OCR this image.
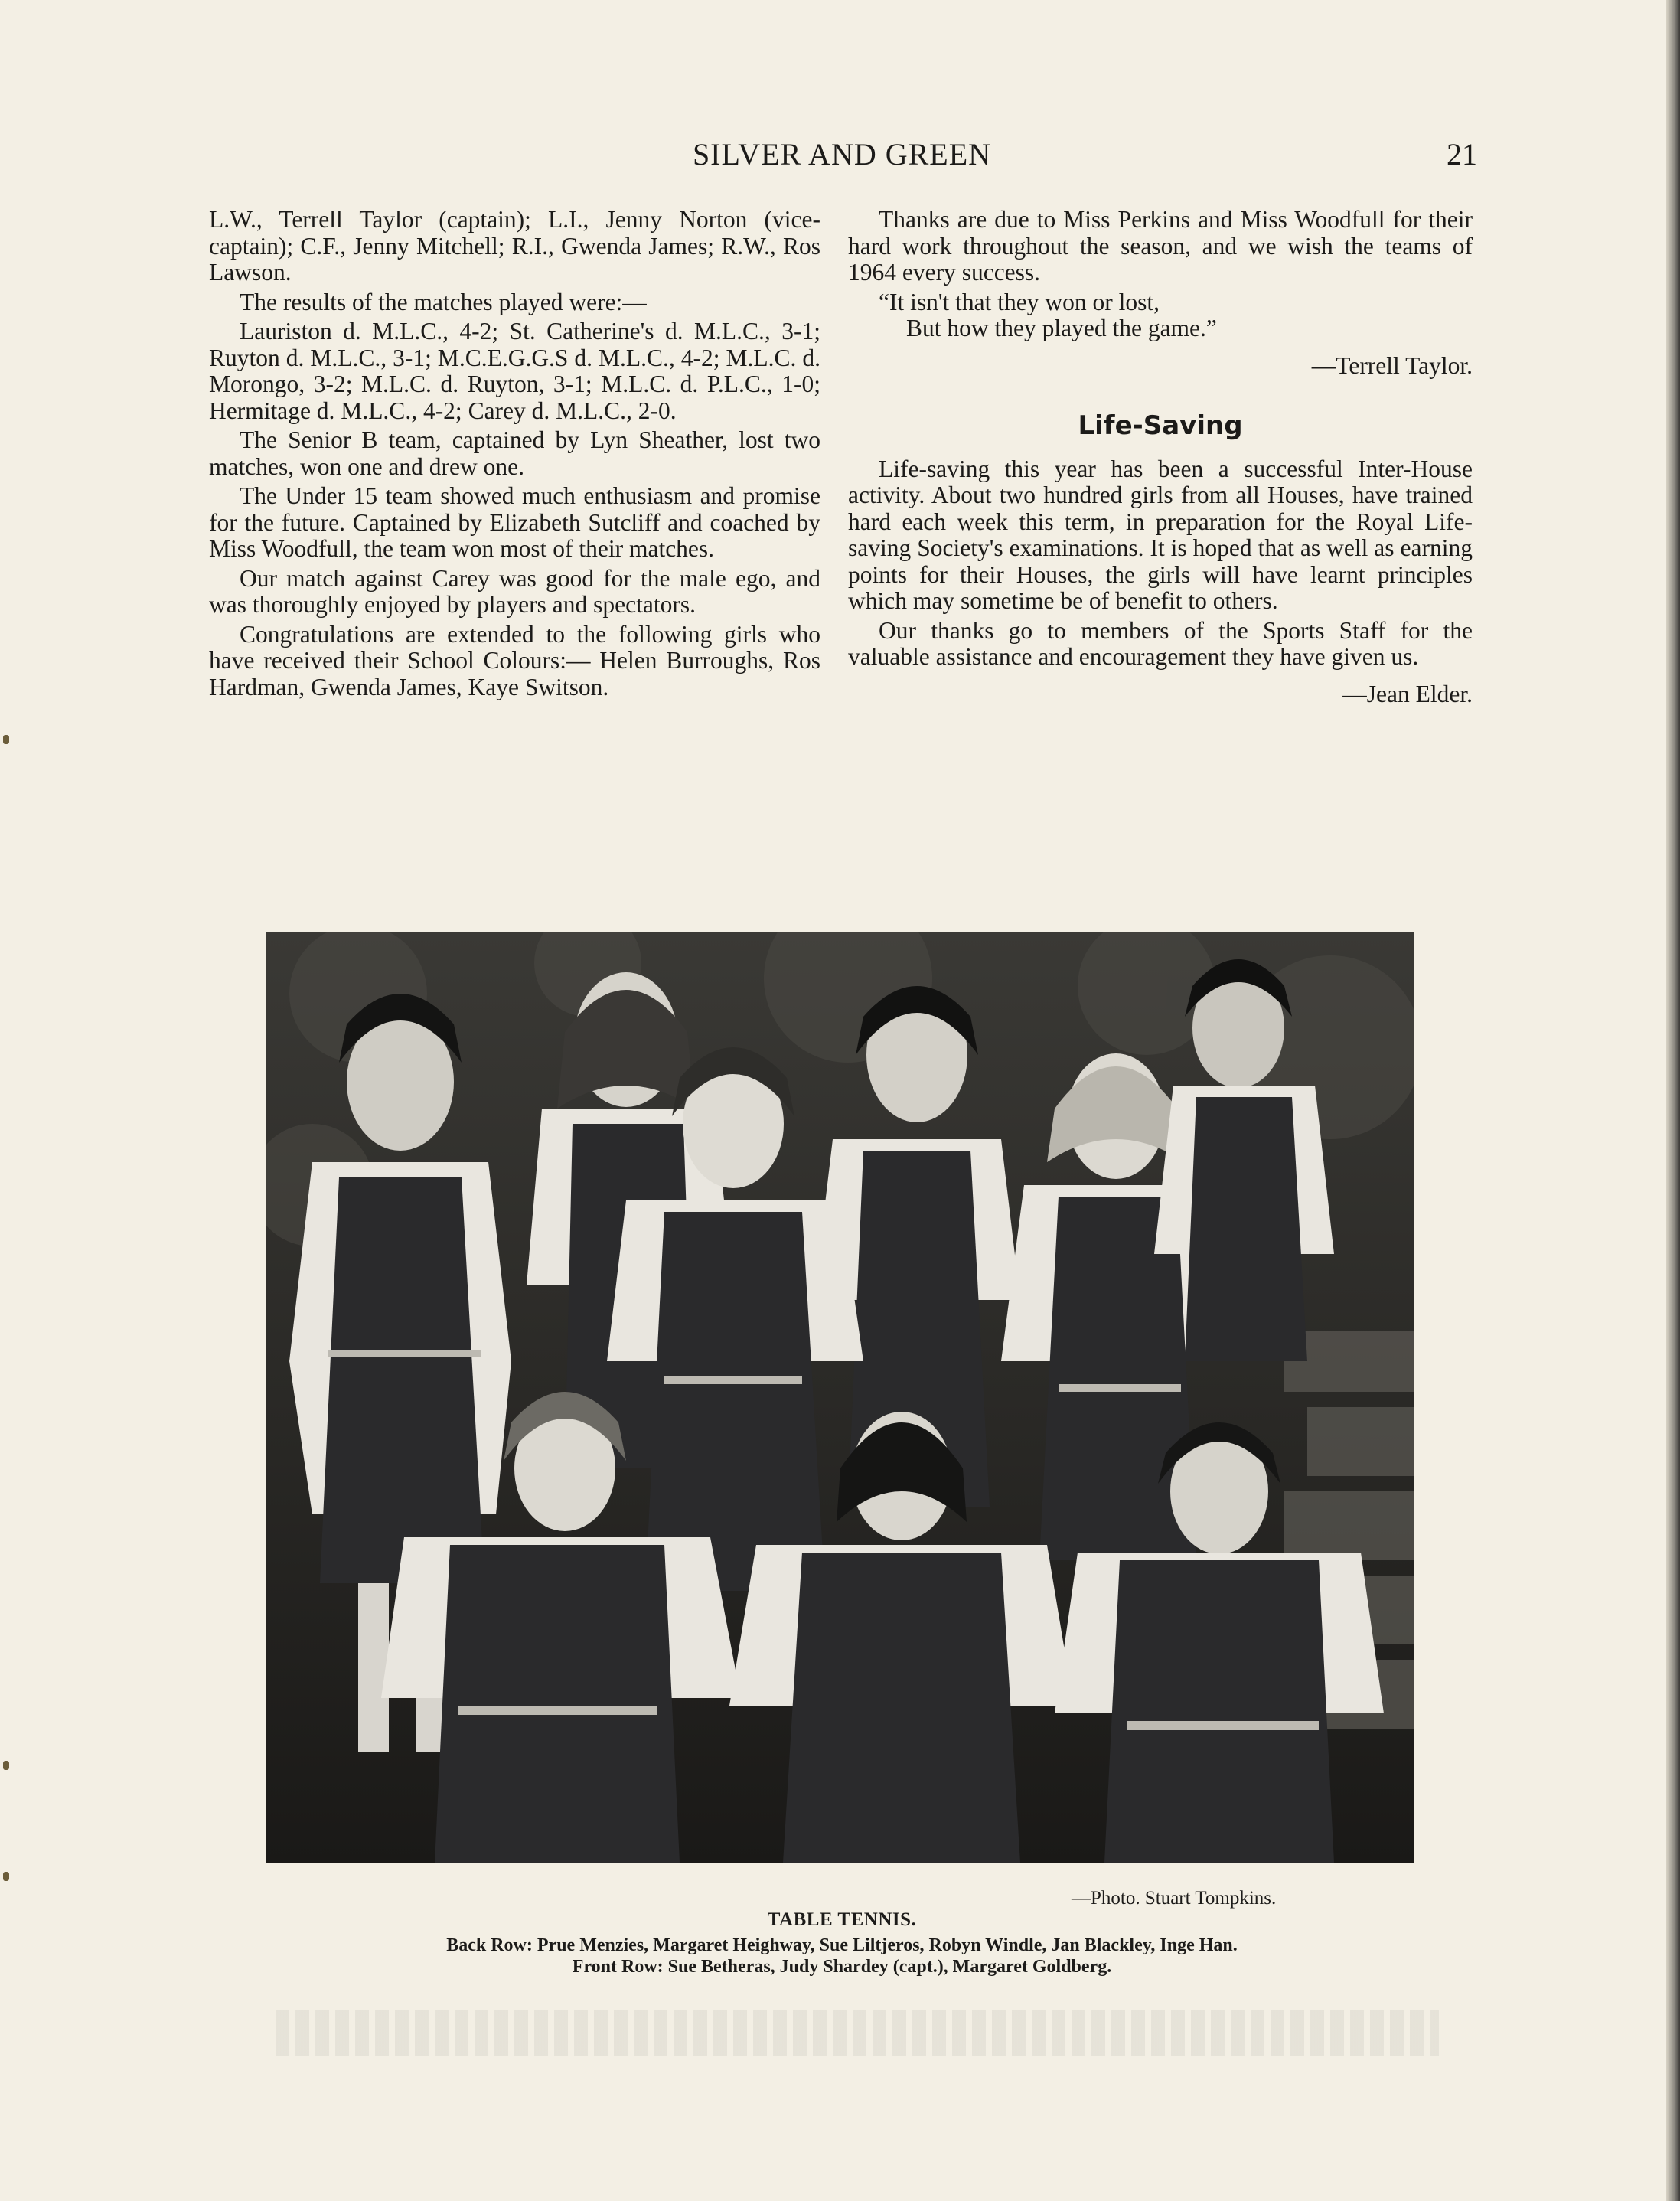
SILVER AND GREEN	21

L.W., Terrell Taylor (captain); L.I., Jenny Norton (vice-captain); C.F., Jenny Mitchell; R.I., Gwenda James; R.W., Ros Lawson.

The results of the matches played were:—

Lauriston d. M.L.C., 4-2; St. Catherine's d. M.L.C., 3-1; Ruyton d. M.L.C., 3-1; M.C.E.G.G.S d. M.L.C., 4-2; M.L.C. d. Morongo, 3-2; M.L.C. d. Ruyton, 3-1; M.L.C. d. P.L.C., 1-0; Hermitage d. M.L.C., 4-2; Carey d. M.L.C., 2-0.

The Senior B team, captained by Lyn Sheather, lost two matches, won one and drew one.

The Under 15 team showed much enthusiasm and promise for the future. Captained by Elizabeth Sutcliff and coached by Miss Woodfull, the team won most of their matches.

Our match against Carey was good for the male ego, and was thoroughly enjoyed by players and spectators.

Congratulations are extended to the following girls who have received their School Colours:— Helen Burroughs, Ros Hardman, Gwenda James, Kaye Switson.

Thanks are due to Miss Perkins and Miss Woodfull for their hard work throughout the season, and we wish the teams of 1964 every success.

“It isn't that they won or lost,

But how they played the game.”

—Terrell Taylor.

Life-Saving

Life-saving this year has been a successful Inter-House activity. About two hundred girls from all Houses, have trained hard each week this term, in preparation for the Royal Life-saving Society's examinations. It is hoped that as well as earning points for their Houses, the girls will have learnt principles which may sometime be of benefit to others.

Our thanks go to members of the Sports Staff for the valuable assistance and encouragement they have given us.

—Jean Elder.

—Photo. Stuart Tompkins.
TABLE TENNIS.
Back Row: Prue Menzies, Margaret Heighway, Sue Liltjeros, Robyn Windle, Jan Blackley, Inge Han.
Front Row: Sue Betheras, Judy Shardey (capt.), Margaret Goldberg.
